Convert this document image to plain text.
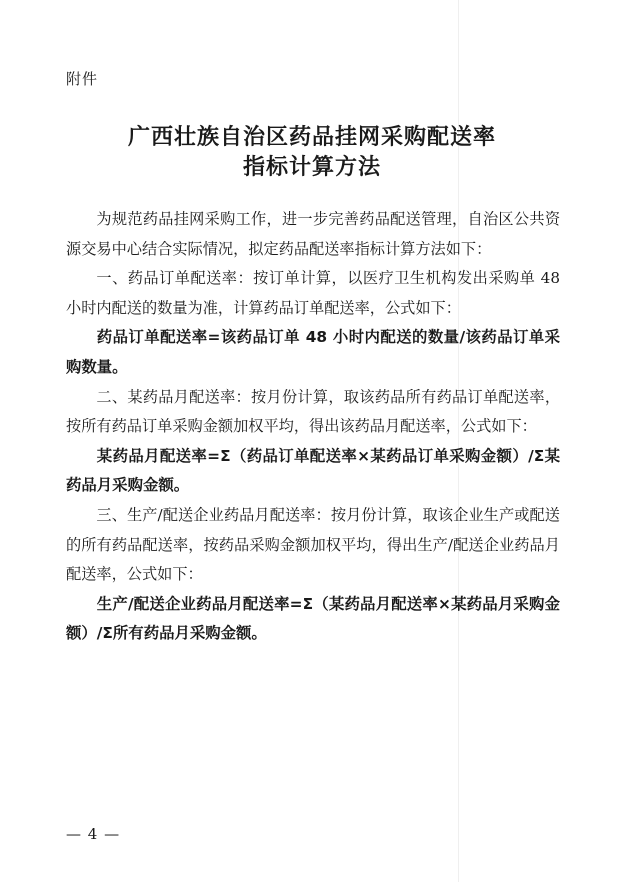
附件
广西壮族自治区药品挂网采购配送率
指标计算方法

为规范药品挂网采购工作，进一步完善药品配送管理，自治区公共资源交易中心结合实际情况，拟定药品配送率指标计算方法如下：

一、药品订单配送率：按订单计算，以医疗卫生机构发出采购单 48 小时内配送的数量为准，计算药品订单配送率，公式如下：

药品订单配送率=该药品订单 48 小时内配送的数量/该药品订单采购数量。

二、某药品月配送率：按月份计算，取该药品所有药品订单配送率，按所有药品订单采购金额加权平均，得出该药品月配送率，公式如下：

某药品月配送率=Σ（药品订单配送率×某药品订单采购金额）/Σ某药品月采购金额。

三、生产/配送企业药品月配送率：按月份计算，取该企业生产或配送的所有药品配送率，按药品采购金额加权平均，得出生产/配送企业药品月配送率，公式如下：

生产/配送企业药品月配送率=Σ（某药品月配送率×某药品月采购金额）/Σ所有药品月采购金额。

— 4 —
